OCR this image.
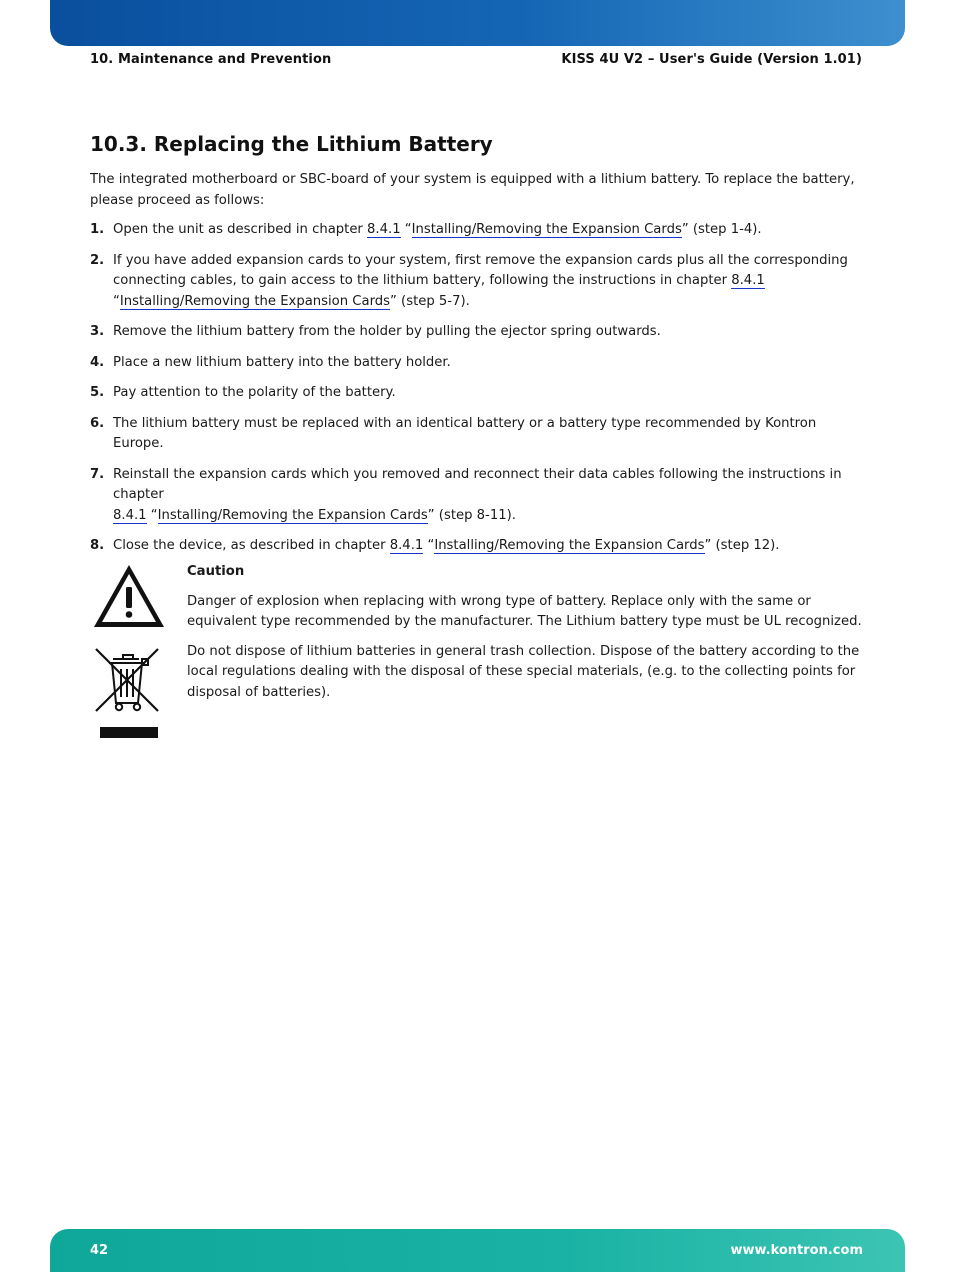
10. Maintenance and Prevention	KISS 4U V2 – User's Guide (Version 1.01)
10.3. Replacing the Lithium Battery

The integrated motherboard or SBC-board of your system is equipped with a lithium battery. To replace the battery, please proceed as follows:

1. Open the unit as described in chapter 8.4.1 “Installing/Removing the Expansion Cards” (step 1-4).
2. If you have added expansion cards to your system, first remove the expansion cards plus all the corresponding connecting cables, to gain access to the lithium battery, following the instructions in chapter 8.4.1
“Installing/Removing the Expansion Cards” (step 5-7).
3. Remove the lithium battery from the holder by pulling the ejector spring outwards.
4. Place a new lithium battery into the battery holder.
5. Pay attention to the polarity of the battery.
6. The lithium battery must be replaced with an identical battery or a battery type recommended by Kontron Europe.
7. Reinstall the expansion cards which you removed and reconnect their data cables following the instructions in chapter
8.4.1 “Installing/Removing the Expansion Cards” (step 8-11).
8. Close the device, as described in chapter 8.4.1 “Installing/Removing the Expansion Cards” (step 12).

Caution

Danger of explosion when replacing with wrong type of battery. Replace only with the same or equivalent type recommended by the manufacturer. The Lithium battery type must be UL recognized.

Do not dispose of lithium batteries in general trash collection. Dispose of the battery according to the local regulations dealing with the disposal of these special materials, (e.g. to the collecting points for disposal of batteries).

42	www.kontron.com
